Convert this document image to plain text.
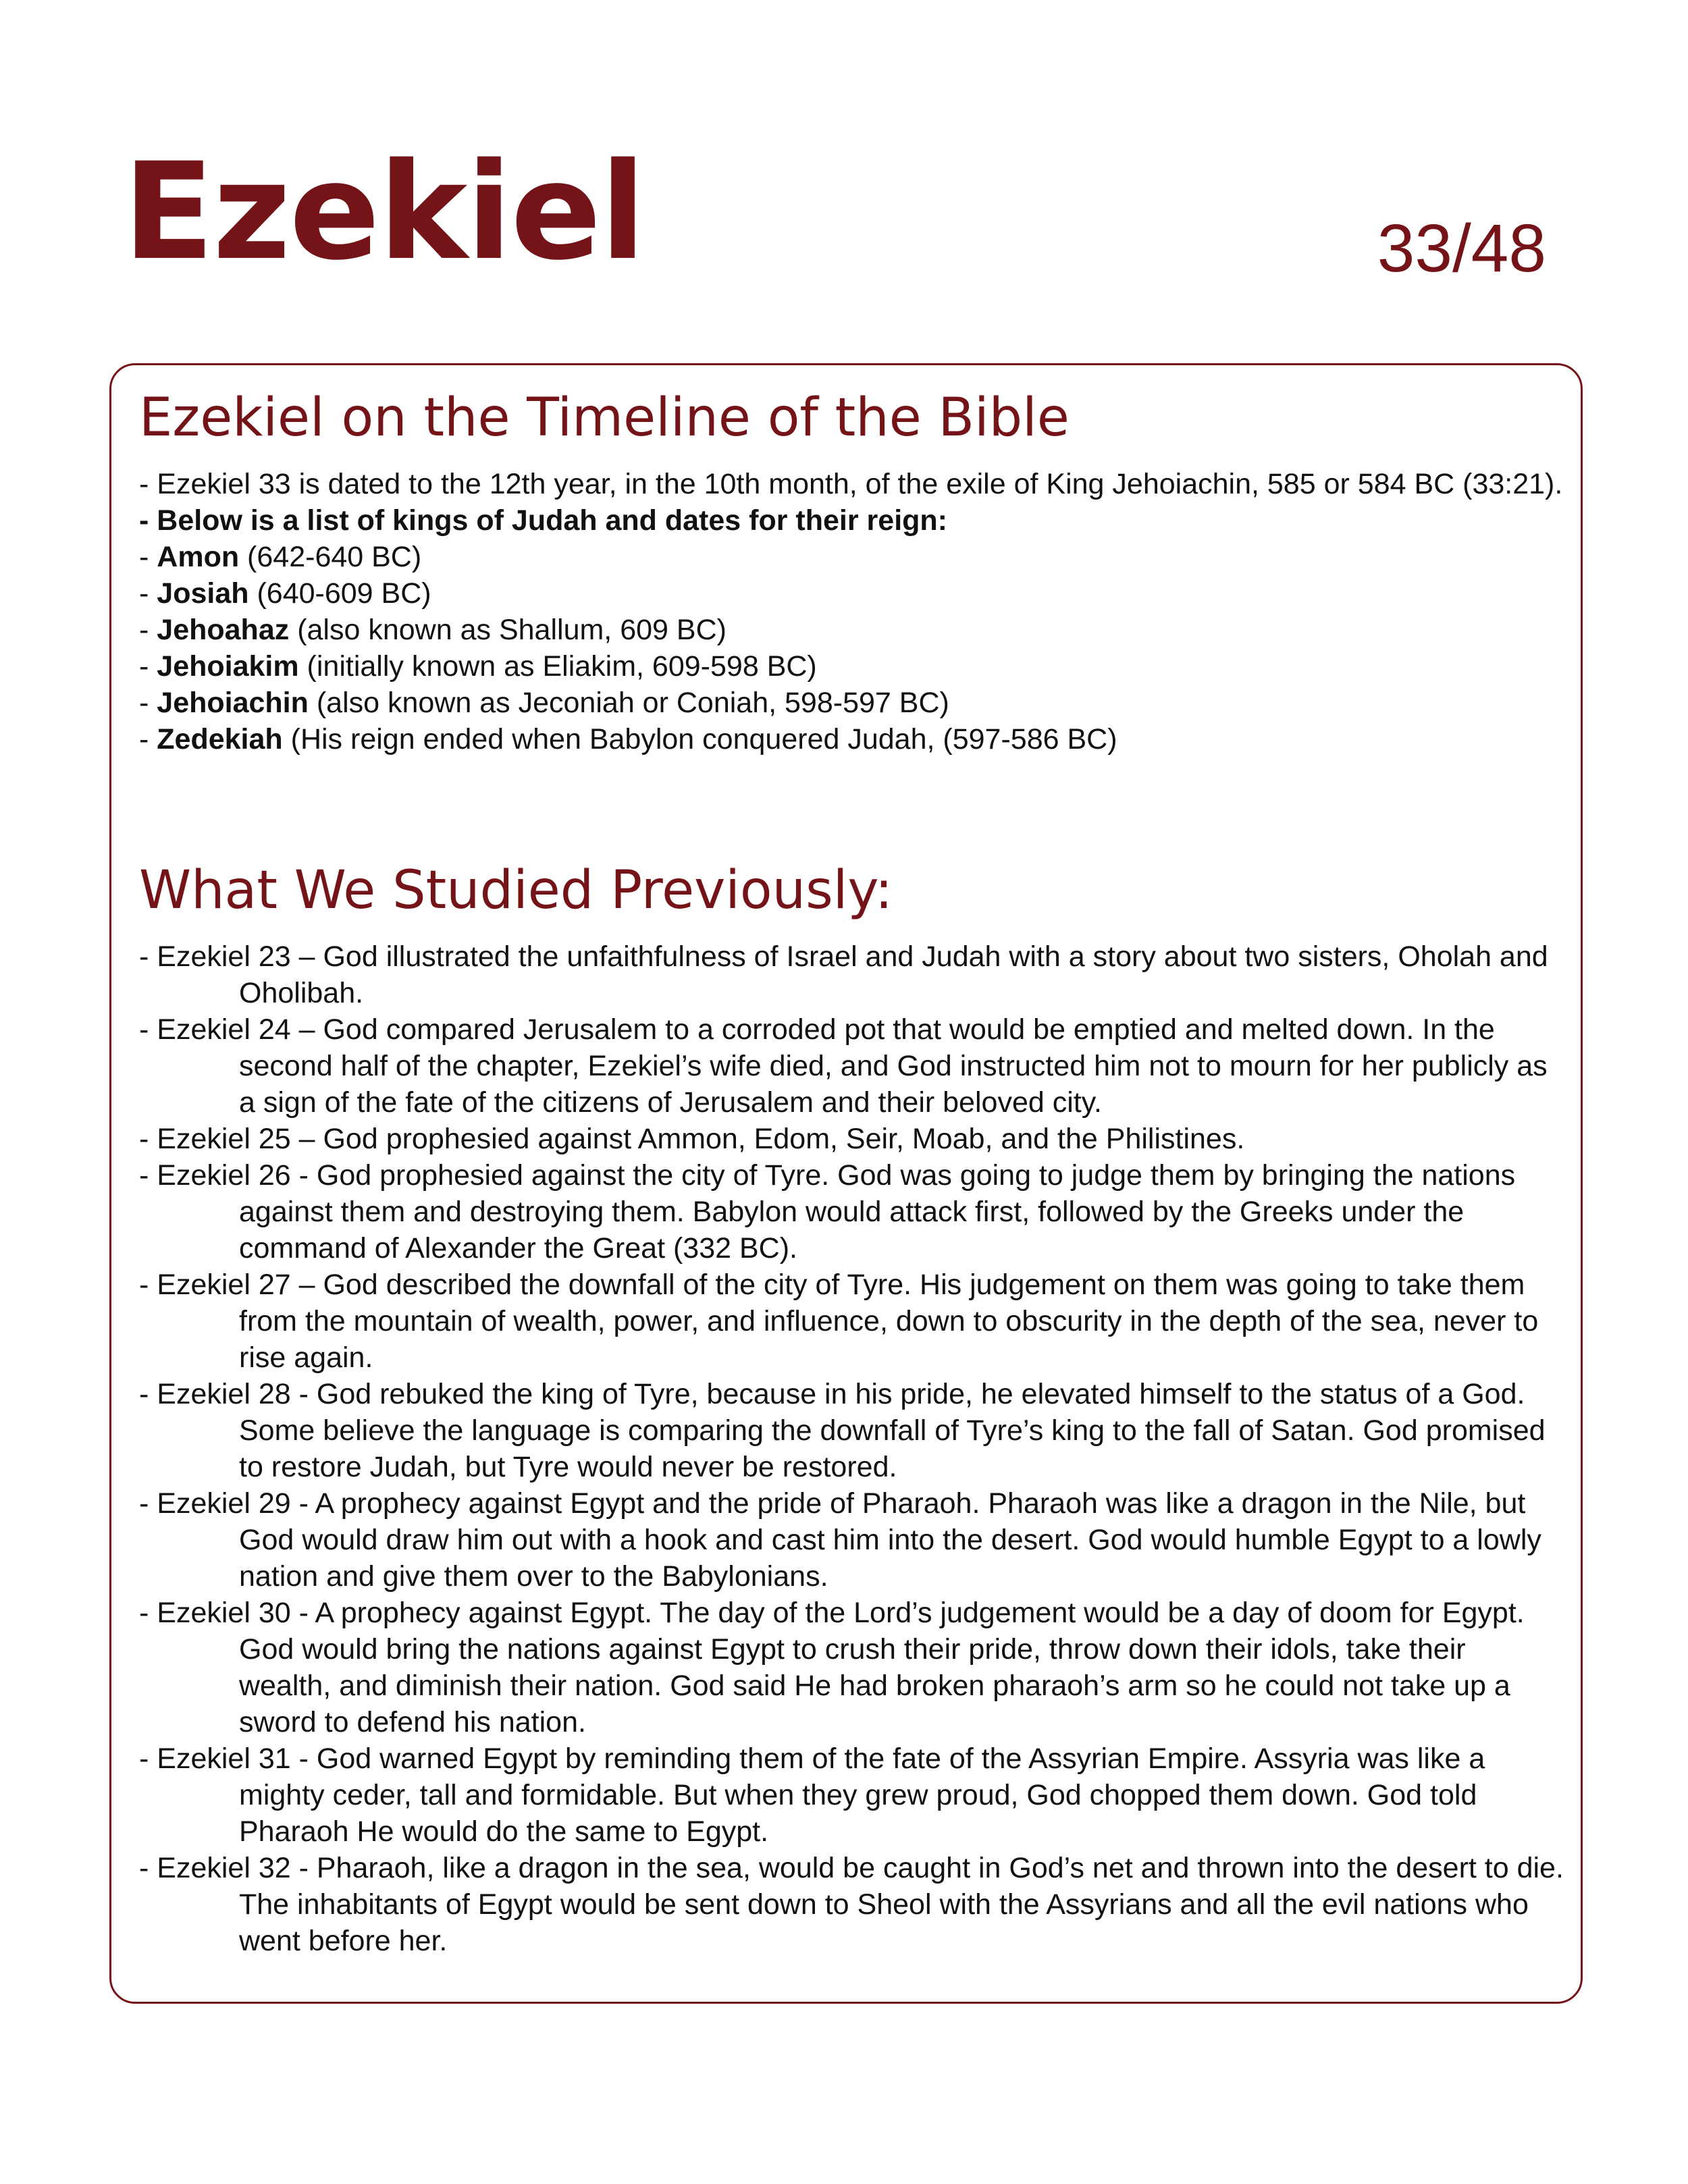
Ezekiel	33/48
Ezekiel on the Timeline of the Bible
- Ezekiel 33 is dated to the 12th year, in the 10th month, of the exile of King Jehoiachin, 585 or 584 BC (33:21).
- Below is a list of kings of Judah and dates for their reign:
- Amon (642-640 BC)
- Josiah (640-609 BC)
- Jehoahaz (also known as Shallum, 609 BC)
- Jehoiakim (initially known as Eliakim, 609-598 BC)
- Jehoiachin (also known as Jeconiah or Coniah, 598-597 BC)
- Zedekiah (His reign ended when Babylon conquered Judah, (597-586 BC)
What We Studied Previously:
- Ezekiel 23 – God illustrated the unfaithfulness of Israel and Judah with a story about two sisters, Oholah and Oholibah.
- Ezekiel 24 – God compared Jerusalem to a corroded pot that would be emptied and melted down. In the second half of the chapter, Ezekiel’s wife died, and God instructed him not to mourn for her publicly as a sign of the fate of the citizens of Jerusalem and their beloved city.
- Ezekiel 25 – God prophesied against Ammon, Edom, Seir, Moab, and the Philistines.
- Ezekiel 26 - God prophesied against the city of Tyre. God was going to judge them by bringing the nations against them and destroying them. Babylon would attack first, followed by the Greeks under the command of Alexander the Great (332 BC).
- Ezekiel 27 – God described the downfall of the city of Tyre. His judgement on them was going to take them from the mountain of wealth, power, and influence, down to obscurity in the depth of the sea, never to rise again.
- Ezekiel 28 - God rebuked the king of Tyre, because in his pride, he elevated himself to the status of a God. Some believe the language is comparing the downfall of Tyre’s king to the fall of Satan. God promised to restore Judah, but Tyre would never be restored.
- Ezekiel 29 - A prophecy against Egypt and the pride of Pharaoh. Pharaoh was like a dragon in the Nile, but God would draw him out with a hook and cast him into the desert. God would humble Egypt to a lowly nation and give them over to the Babylonians.
- Ezekiel 30 - A prophecy against Egypt. The day of the Lord’s judgement would be a day of doom for Egypt. God would bring the nations against Egypt to crush their pride, throw down their idols, take their wealth, and diminish their nation. God said He had broken pharaoh’s arm so he could not take up a sword to defend his nation.
- Ezekiel 31 - God warned Egypt by reminding them of the fate of the Assyrian Empire. Assyria was like a mighty ceder, tall and formidable. But when they grew proud, God chopped them down. God told Pharaoh He would do the same to Egypt.
- Ezekiel 32 - Pharaoh, like a dragon in the sea, would be caught in God’s net and thrown into the desert to die. The inhabitants of Egypt would be sent down to Sheol with the Assyrians and all the evil nations who went before her.
